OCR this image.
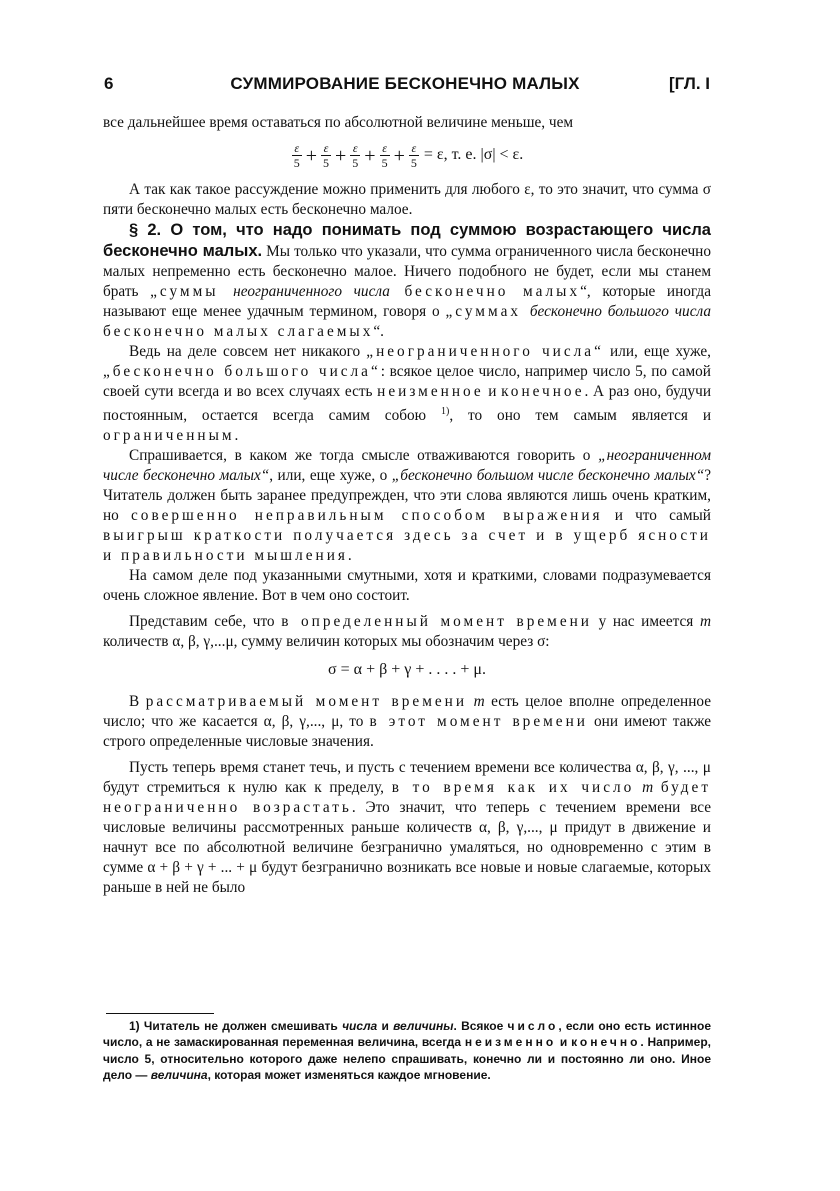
6	СУММИРОВАНИЕ БЕСКОНЕЧНО МАЛЫХ	[ГЛ. I

все дальнейшее время оставаться по абсолютной величине меньше, чем

$\frac{\varepsilon}{5} + \frac{\varepsilon}{5} + \frac{\varepsilon}{5} + \frac{\varepsilon}{5} + \frac{\varepsilon}{5} = \varepsilon$, т. е. |σ| < ε.

А так как такое рассуждение можно применить для любого ε, то это значит, что сумма σ пяти бесконечно малых есть бесконечно малое.

§ 2. О том, что надо понимать под суммою возрастающего числа бесконечно малых. Мы только что указали, что сумма ограниченного числа бесконечно малых непременно есть бесконечно малое. Ничего подобного не будет, если мы станем брать „суммы неограниченного числа бесконечно малых“, которые иногда называют еще менее удачным термином, говоря о „суммах бесконечно большого числа бесконечно малых слагаемых“.

Ведь на деле совсем нет никакого „неограниченного числа“ или, еще хуже, „бесконечно большого числа“: всякое целое число, например число 5, по самой своей сути всегда и во всех случаях есть неизменное и конечное. А раз оно, будучи постоянным, остается всегда самим собою $^{1)}$, то оно тем самым является и ограниченным.

Спрашивается, в каком же тогда смысле отваживаются говорить о „неограниченном числе бесконечно малых“, или, еще хуже, о „бесконечно большом числе бесконечно малых“? Читатель должен быть заранее предупрежден, что эти слова являются лишь очень кратким, но совершенно неправильным способом выражения и что самый выигрыш краткости получается здесь за счет и в ущерб ясности и правильности мышления.

На самом деле под указанными смутными, хотя и краткими, словами подразумевается очень сложное явление. Вот в чем оно состоит.

Представим себе, что в определенный момент времени у нас имеется m количеств α, β, γ,...μ, сумму величин которых мы обозначим через σ:

σ = α + β + γ + . . . . + μ.

В рассматриваемый момент времени m есть целое вполне определенное число; что же касается α, β, γ,..., μ, то в этот момент времени они имеют также строго определенные числовые значения.

Пусть теперь время станет течь, и пусть с течением времени все количества α, β, γ, ..., μ будут стремиться к нулю как к пределу, в то время как их число m будет неограниченно возрастать. Это значит, что теперь с течением времени все числовые величины рассмотренных раньше количеств α, β, γ,..., μ придут в движение и начнут все по абсолютной величине безгранично умаляться, но одновременно с этим в сумме α + β + γ + ... + μ будут безгранично возникать все новые и новые слагаемые, которых раньше в ней не было

1) Читатель не должен смешивать числа и величины. Всякое число, если оно есть истинное число, а не замаскированная переменная величина, всегда неизменно и конечно. Например, число 5, относительно которого даже нелепо спрашивать, конечно ли и постоянно ли оно. Иное дело — величина, которая может изменяться каждое мгновение.
